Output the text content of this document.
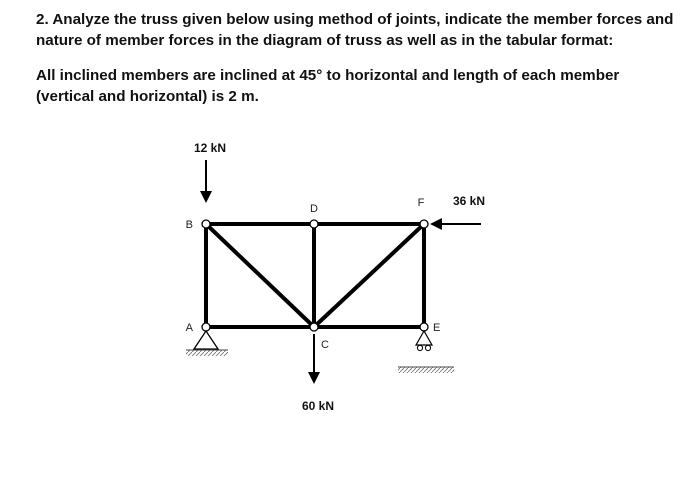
2. Analyze the truss given below using method of joints, indicate the member forces and nature of member forces in the diagram of truss as well as in the tabular format:

All inclined members are inclined at 45° to horizontal and length of each member (vertical and horizontal) is 2 m.

A
B
C
D
E
F
12 kN
36 kN
60 kN
